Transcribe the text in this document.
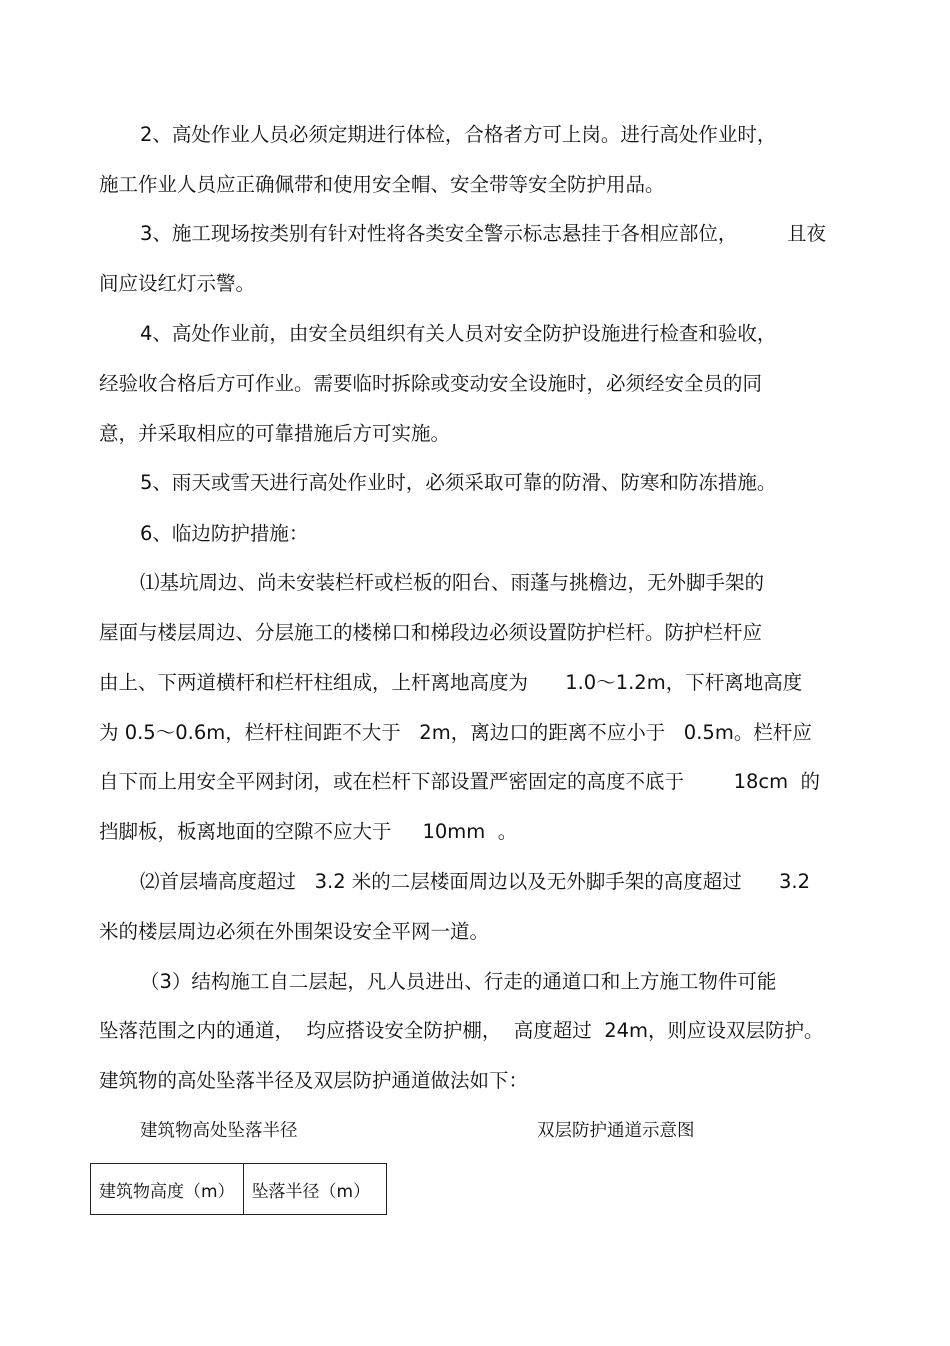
2、高处作业人员必须定期进行体检，合格者方可上岗。进行高处作业时，
施工作业人员应正确佩带和使用安全帽、安全带等安全防护用品。
3、施工现场按类别有针对性将各类安全警示标志悬挂于各相应部位，        且夜
间应设红灯示警。
4、高处作业前，由安全员组织有关人员对安全防护设施进行检查和验收，
经验收合格后方可作业。需要临时拆除或变动安全设施时，必须经安全员的同
意，并采取相应的可靠措施后方可实施。
5、雨天或雪天进行高处作业时，必须采取可靠的防滑、防寒和防冻措施。
6、临边防护措施：
⑴基坑周边、尚未安装栏杆或栏板的阳台、雨蓬与挑檐边，无外脚手架的
屋面与楼层周边、分层施工的楼梯口和梯段边必须设置防护栏杆。防护栏杆应
由上、下两道横杆和栏杆柱组成，上杆离地高度为      1.0～1.2m，下杆离地高度
为 0.5～0.6m，栏杆柱间距不大于   2m，离边口的距离不应小于   0.5m。栏杆应
自下而上用安全平网封闭，或在栏杆下部设置严密固定的高度不底于        18cm  的
挡脚板，板离地面的空隙不应大于     10mm  。
⑵首层墙高度超过   3.2 米的二层楼面周边以及无外脚手架的高度超过      3.2
米的楼层周边必须在外围架设安全平网一道。
（3）结构施工自二层起，凡人员进出、行走的通道口和上方施工物件可能
坠落范围之内的通道，  均应搭设安全防护棚，  高度超过  24m，则应设双层防护。
建筑物的高处坠落半径及双层防护通道做法如下：
建筑物高处坠落半径	双层防护通道示意图
建筑物高度（m）	坠落半径（m）
